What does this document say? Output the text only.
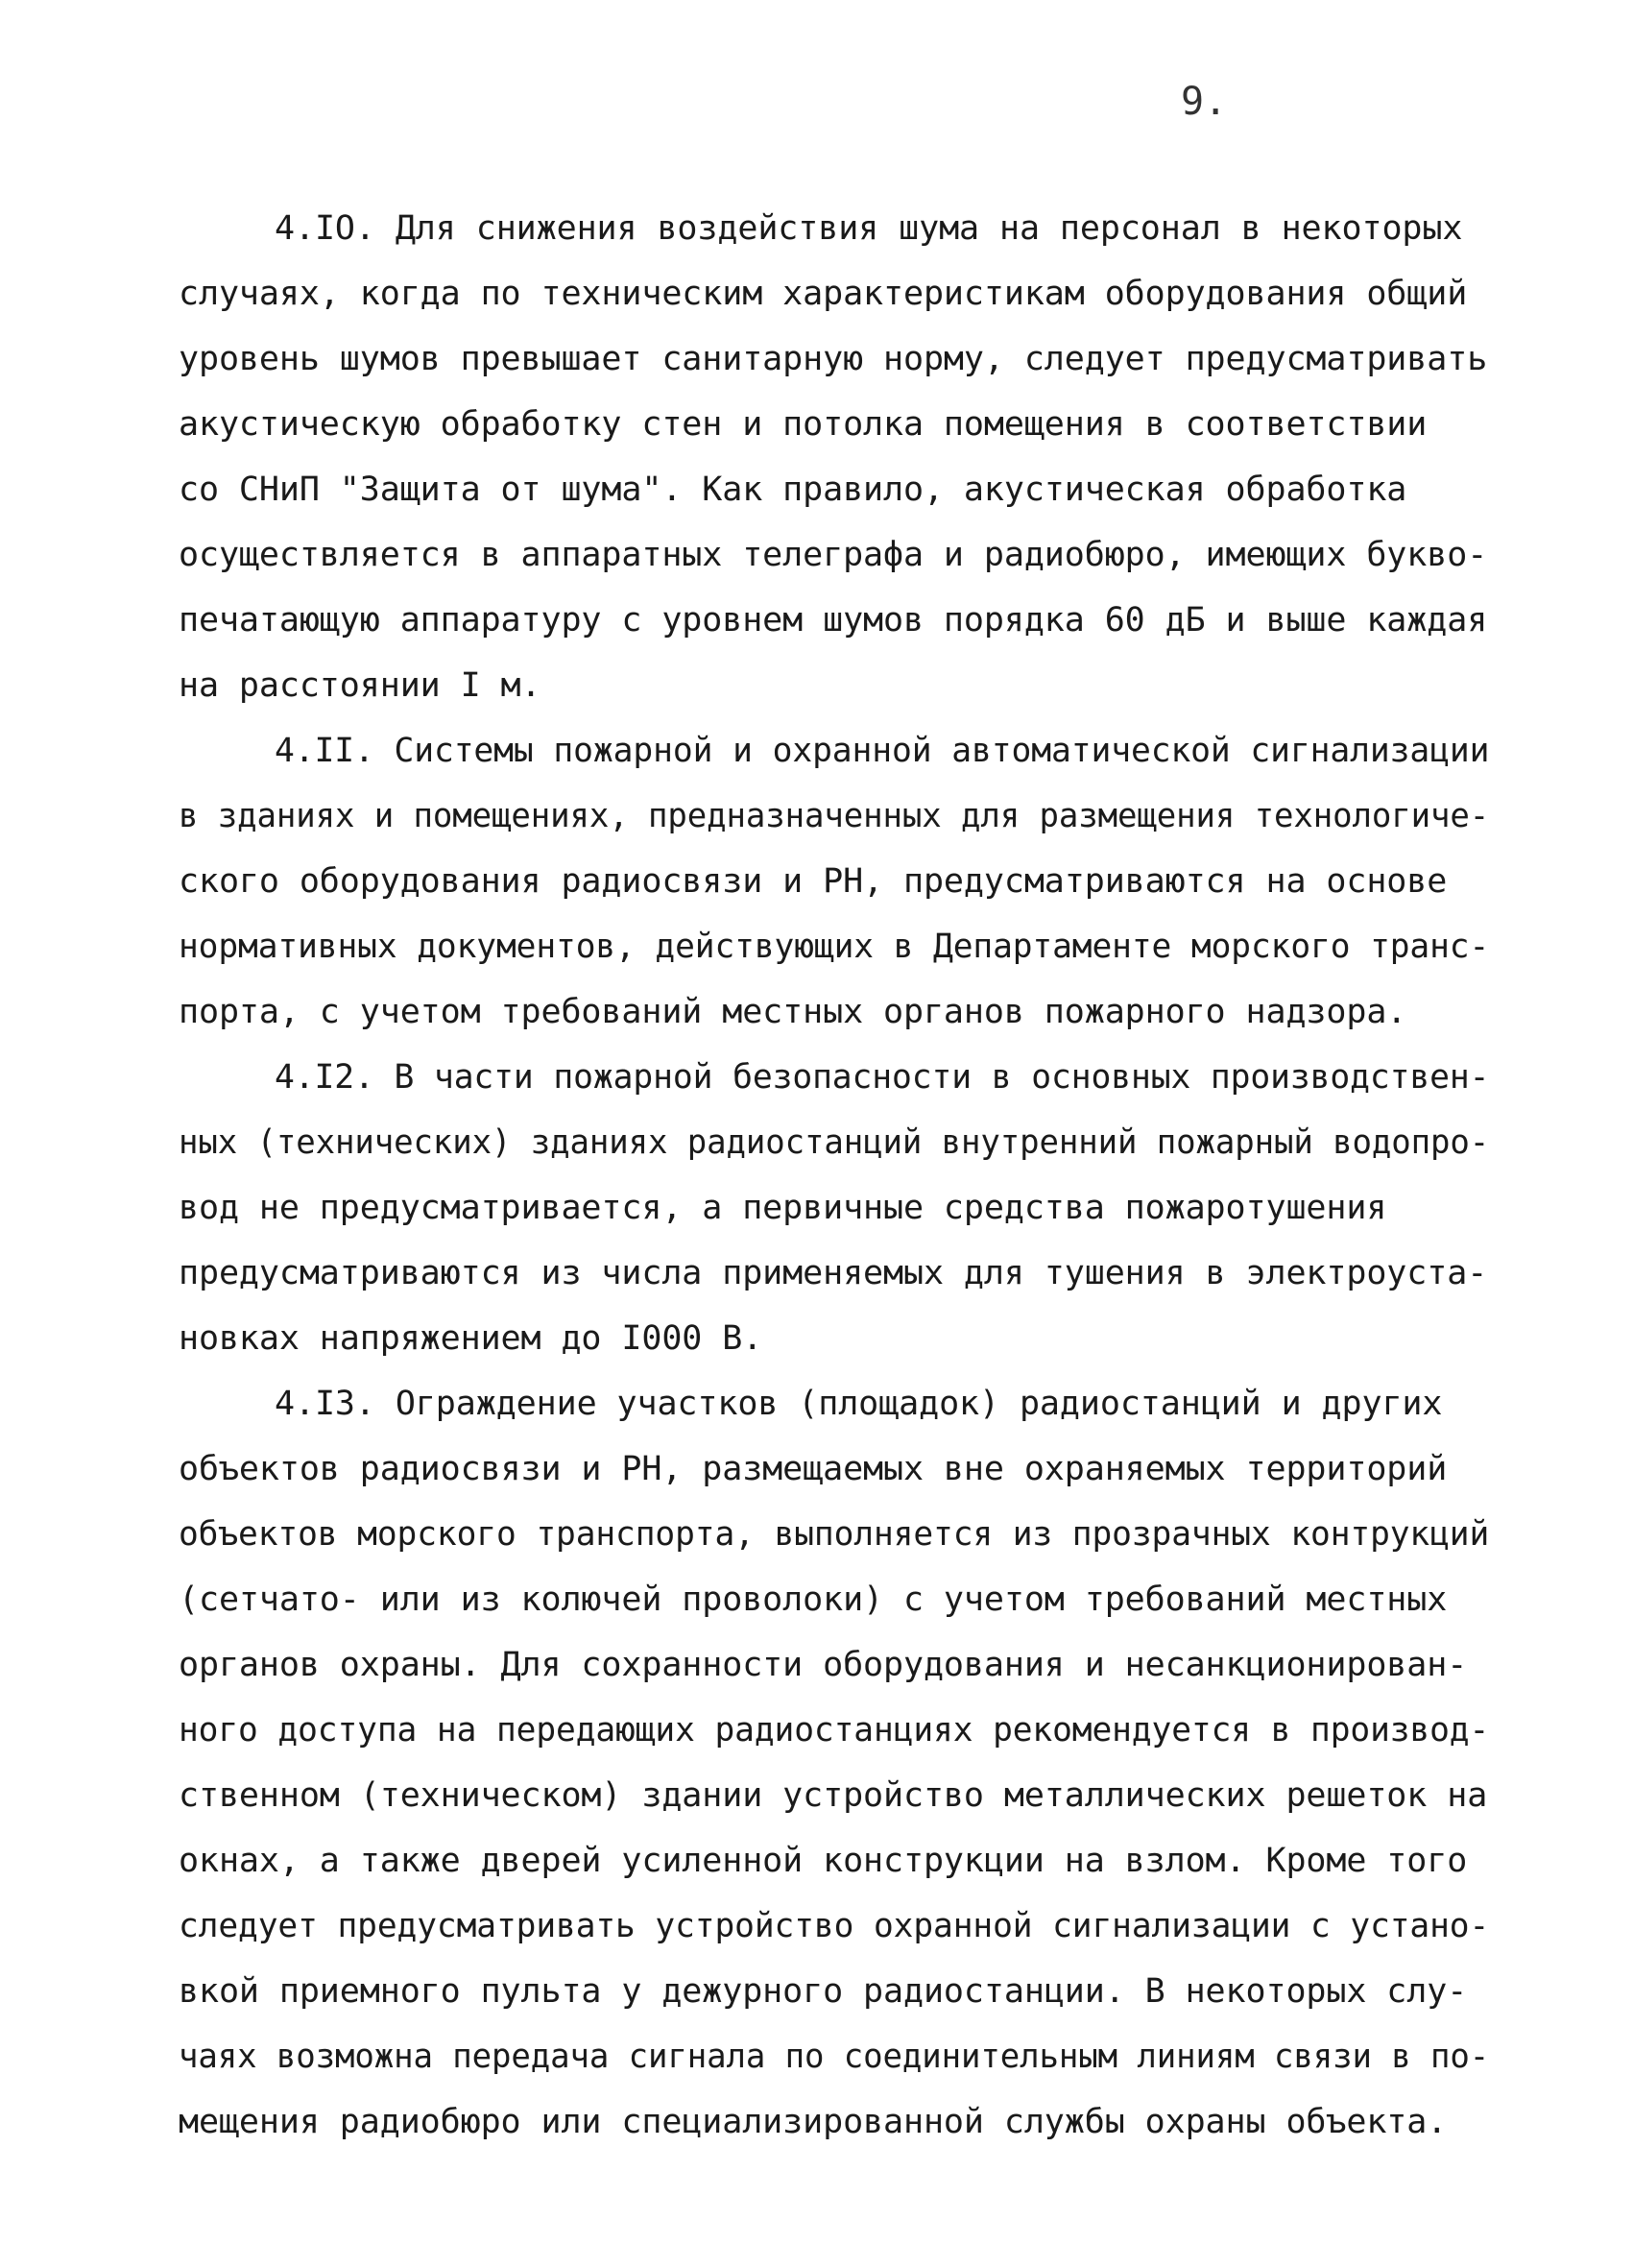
9.
4.IO. Для снижения воздействия шума на персонал в некоторых
случаях, когда по техническим характеристикам оборудования общий
уровень шумов превышает санитарную норму, следует предусматривать
акустическую обработку стен и потолка помещения в соответствии
со СНиП "Защита от шума". Как правило, акустическая обработка
осуществляется в аппаратных телеграфа и радиобюро, имеющих букво-
печатающую аппаратуру с уровнем шумов порядка 60 дБ и выше каждая
на расстоянии I м.
4.II. Системы пожарной и охранной автоматической сигнализации
в зданиях и помещениях, предназначенных для размещения технологиче-
ского оборудования радиосвязи и РН, предусматриваются на основе
нормативных документов, действующих в Департаменте морского транс-
порта, с учетом требований местных органов пожарного надзора.
4.I2. В части пожарной безопасности в основных производствен-
ных (технических) зданиях радиостанций внутренний пожарный водопро-
вод не предусматривается, а первичные средства пожаротушения
предусматриваются из числа применяемых для тушения в электроуста-
новках напряжением до I000 В.
4.I3. Ограждение участков (площадок) радиостанций и других
объектов радиосвязи и РН, размещаемых вне охраняемых территорий
объектов морского транспорта, выполняется из прозрачных контрукций
(сетчато- или из колючей проволоки) с учетом требований местных
органов охраны. Для сохранности оборудования и несанкционирован-
ного доступа на передающих радиостанциях рекомендуется в производ-
ственном (техническом) здании устройство металлических решеток на
окнах, а также дверей усиленной конструкции на взлом. Кроме того
следует предусматривать устройство охранной сигнализации с устано-
вкой приемного пульта у дежурного радиостанции. В некоторых слу-
чаях возможна передача сигнала по соединительным линиям связи в по-
мещения радиобюро или специализированной службы охраны объекта.
